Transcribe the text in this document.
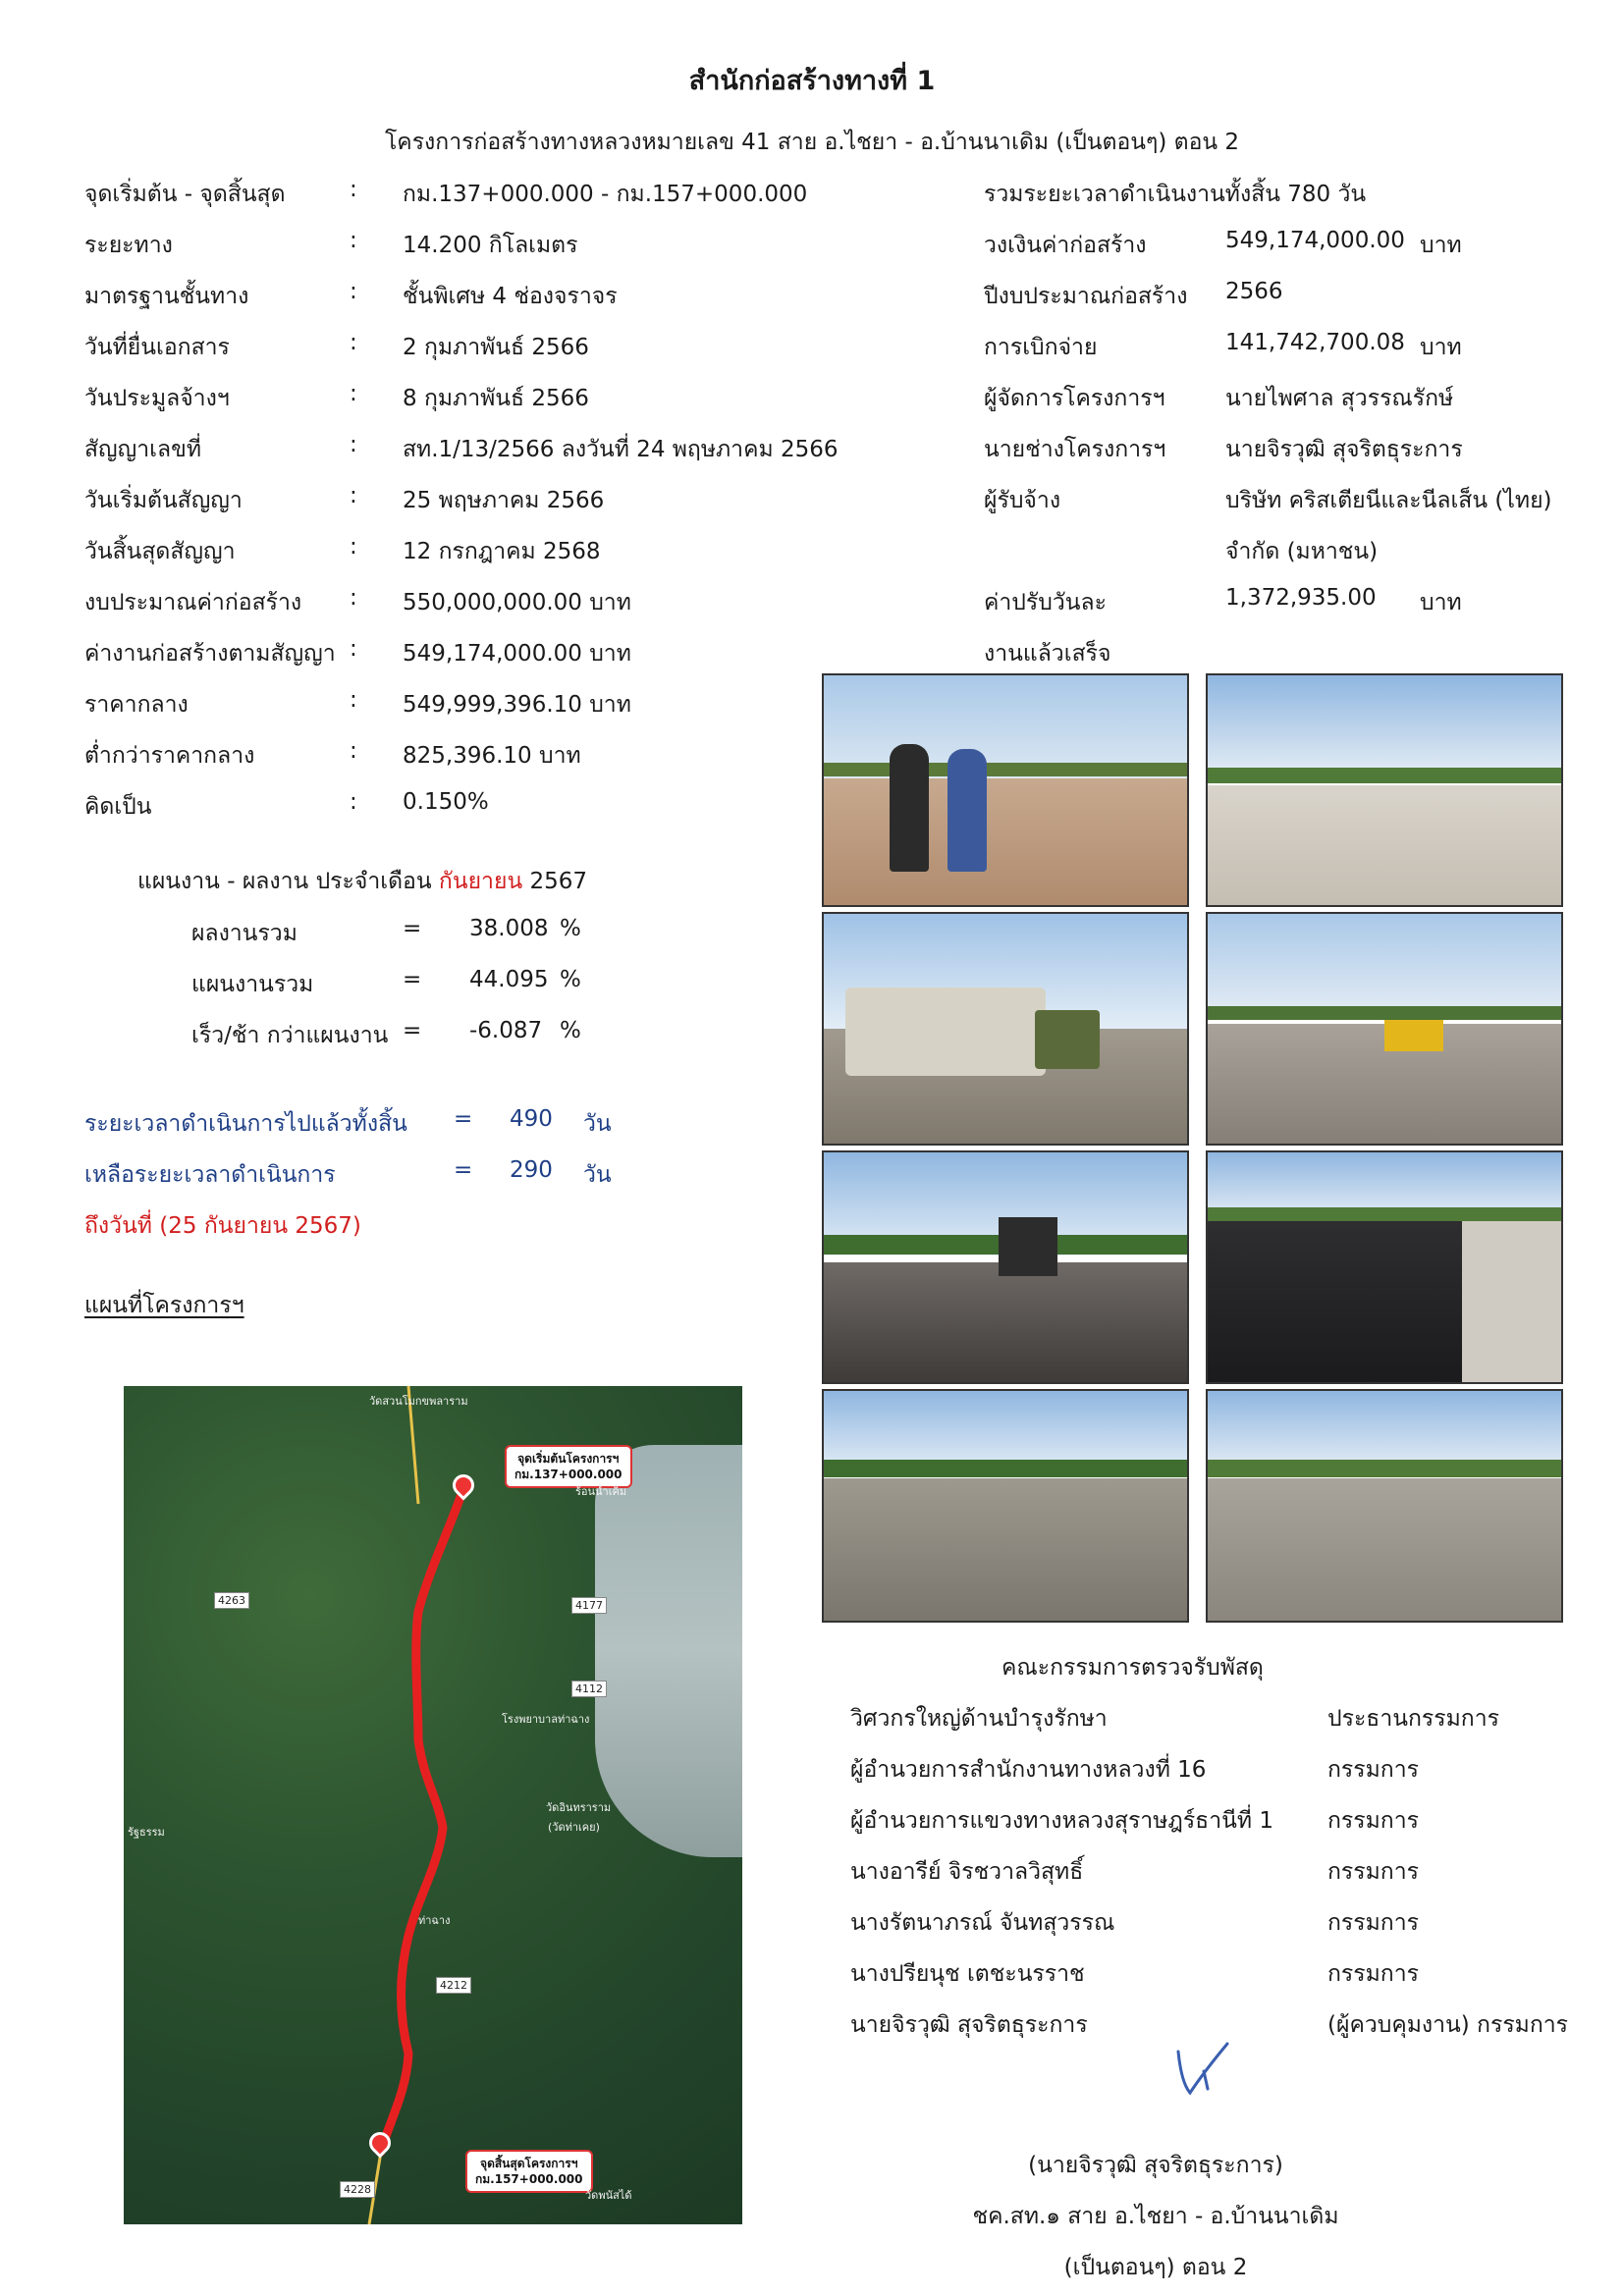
สำนักก่อสร้างทางที่ 1
โครงการก่อสร้างทางหลวงหมายเลข 41 สาย อ.ไชยา - อ.บ้านนาเดิม (เป็นตอนๆ) ตอน 2
จุดเริ่มต้น - จุดสิ้นสุด	: กม.137+000.000 - กม.157+000.000
ระยะทาง	: 14.200 กิโลเมตร
มาตรฐานชั้นทาง	: ชั้นพิเศษ 4 ช่องจราจร
วันที่ยื่นเอกสาร	: 2 กุมภาพันธ์ 2566
วันประมูลจ้างฯ	: 8 กุมภาพันธ์ 2566
สัญญาเลขที่	: สท.1/13/2566 ลงวันที่ 24 พฤษภาคม 2566
วันเริ่มต้นสัญญา	: 25 พฤษภาคม 2566
วันสิ้นสุดสัญญา	: 12 กรกฎาคม 2568
งบประมาณค่าก่อสร้าง : 550,000,000.00 บาท
ค่างานก่อสร้างตามสัญญา : 549,174,000.00 บาท
ราคากลาง	: 549,999,396.10 บาท
ต่ำกว่าราคากลาง	: 825,396.10 บาท
คิดเป็น	: 0.150%
รวมระยะเวลาดำเนินงานทั้งสิ้น 780 วัน
วงเงินค่าก่อสร้าง	549,174,000.00 บาท
ปีงบประมาณก่อสร้าง 2566
การเบิกจ่าย	141,742,700.08 บาท
ผู้จัดการโครงการฯ	นายไพศาล สุวรรณรักษ์
นายช่างโครงการฯ	นายจิรวุฒิ สุจริตธุระการ
ผู้รับจ้าง	บริษัท คริสเตียนีและนีลเส็น (ไทย)
จำกัด (มหาชน)
ค่าปรับวันละ	1,372,935.00 บาท
งานแล้วเสร็จ
แผนงาน - ผลงาน ประจำเดือน กันยายน 2567
ผลงานรวม	= 38.008 %
แผนงานรวม	= 44.095 %
เร็ว/ช้า กว่าแผนงาน = -6.087 %
ระยะเวลาดำเนินการไปแล้วทั้งสิ้น = 490 วัน
เหลือระยะเวลาดำเนินการ	= 290 วัน
ถึงวันที่ (25 กันยายน 2567)
แผนที่โครงการฯ
จุดเริ่มต้นโครงการฯ
กม.137+000.000
จุดสิ้นสุดโครงการฯ
กม.157+000.000
วัดสวนโมกขพลาราม
ร้อนน้ำเค็ม
โรงพยาบาลท่าฉาง
วัดอินทราราม
(วัดท่าเคย)
ท่าฉาง
รัฐธรรม
วัดพนัสได้
4212
4263	4177
4112
4228
คณะกรรมการตรวจรับพัสดุ
วิศวกรใหญ่ด้านบำรุงรักษา	ประธานกรรมการ
ผู้อำนวยการสำนักงานทางหลวงที่ 16	กรรมการ
ผู้อำนวยการแขวงทางหลวงสุราษฎร์ธานีที่ 1 กรรมการ
นางอารีย์ จิรชวาลวิสุทธิ์	กรรมการ
นางรัตนาภรณ์ จันทสุวรรณ	กรรมการ
นางปรียนุช เตชะนรราช	กรรมการ
นายจิรวุฒิ สุจริตธุระการ	(ผู้ควบคุมงาน) กรรมการ
(นายจิรวุฒิ สุจริตธุระการ)
ชค.สท.๑ สาย อ.ไชยา - อ.บ้านนาเดิม
(เป็นตอนๆ) ตอน 2
